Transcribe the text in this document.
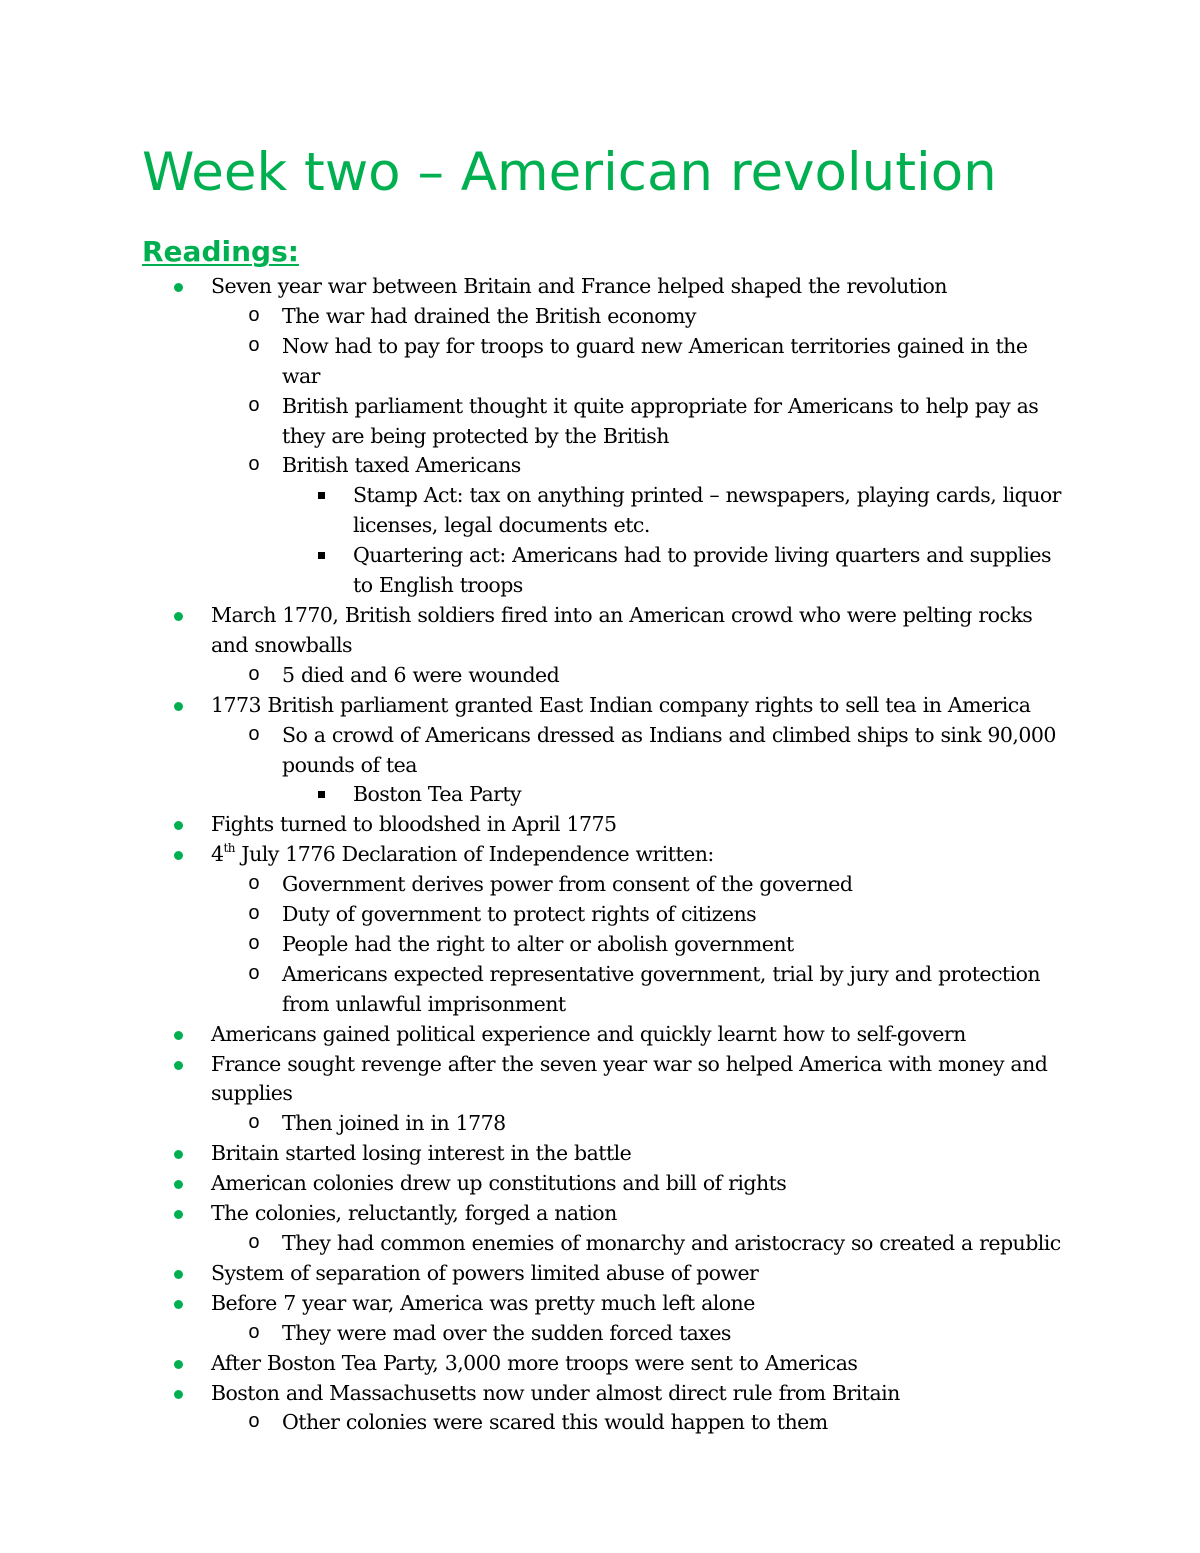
Week two – American revolution
Readings:
Seven year war between Britain and France helped shaped the revolution
o The war had drained the British economy
o Now had to pay for troops to guard new American territories gained in the war
o British parliament thought it quite appropriate for Americans to help pay as they are being protected by the British
o British taxed Americans
Stamp Act: tax on anything printed – newspapers, playing cards, liquor licenses, legal documents etc.
Quartering act: Americans had to provide living quarters and supplies to English troops
March 1770, British soldiers fired into an American crowd who were pelting rocks and snowballs
o 5 died and 6 were wounded
1773 British parliament granted East Indian company rights to sell tea in America
o So a crowd of Americans dressed as Indians and climbed ships to sink 90,000 pounds of tea
Boston Tea Party
Fights turned to bloodshed in April 1775
4th July 1776 Declaration of Independence written:
o Government derives power from consent of the governed
o Duty of government to protect rights of citizens
o People had the right to alter or abolish government
o Americans expected representative government, trial by jury and protection from unlawful imprisonment
Americans gained political experience and quickly learnt how to self-govern
France sought revenge after the seven year war so helped America with money and supplies
o Then joined in in 1778
Britain started losing interest in the battle
American colonies drew up constitutions and bill of rights
The colonies, reluctantly, forged a nation
o They had common enemies of monarchy and aristocracy so created a republic
System of separation of powers limited abuse of power
Before 7 year war, America was pretty much left alone
o They were mad over the sudden forced taxes
After Boston Tea Party, 3,000 more troops were sent to Americas
Boston and Massachusetts now under almost direct rule from Britain
o Other colonies were scared this would happen to them
